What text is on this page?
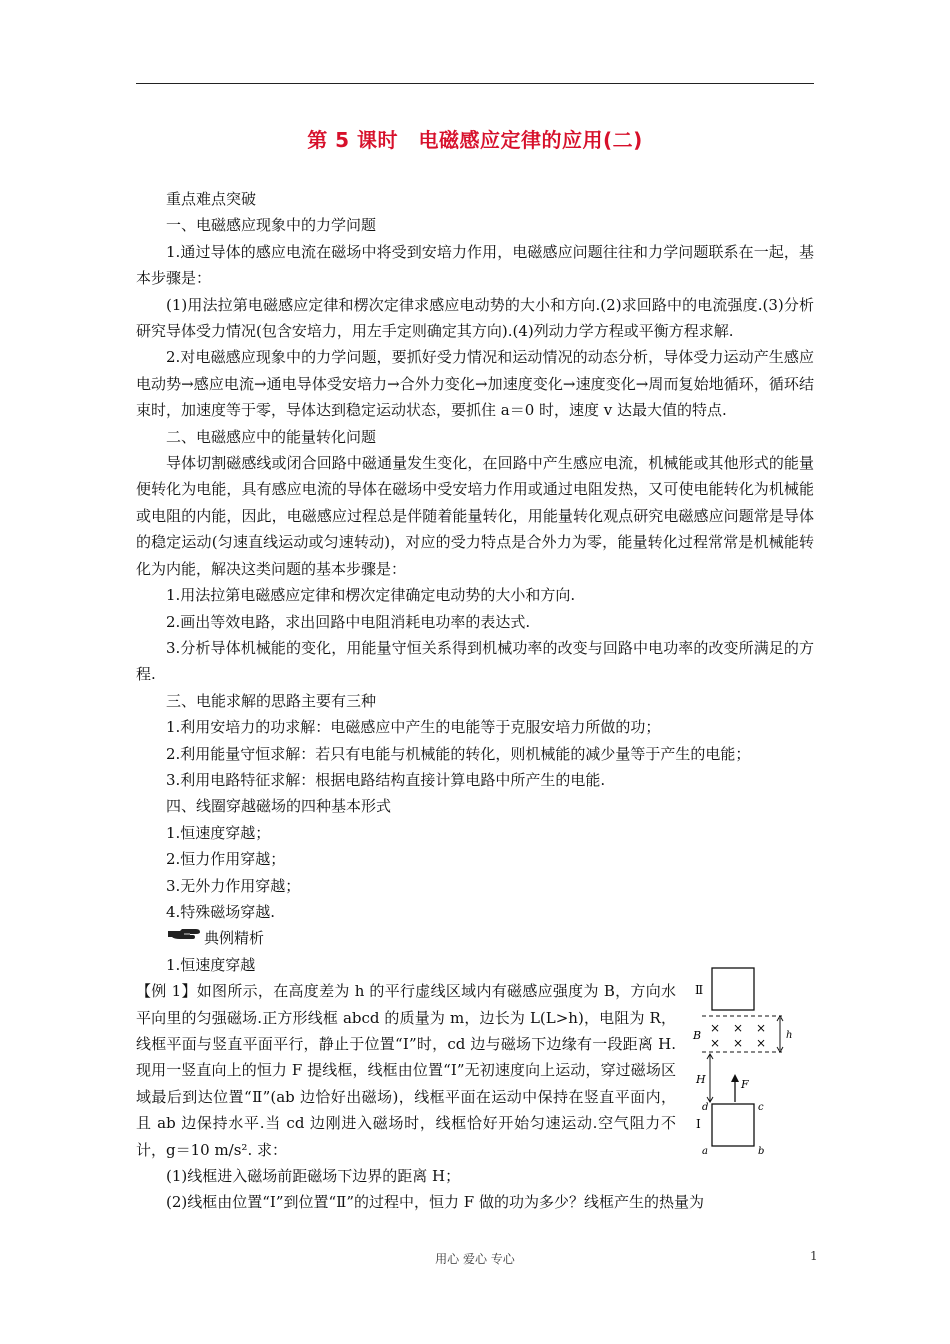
第 5 课时　电磁感应定律的应用(二)

重点难点突破

一、电磁感应现象中的力学问题

1.通过导体的感应电流在磁场中将受到安培力作用，电磁感应问题往往和力学问题联系在一起，基本步骤是：

(1)用法拉第电磁感应定律和楞次定律求感应电动势的大小和方向.(2)求回路中的电流强度.(3)分析研究导体受力情况(包含安培力，用左手定则确定其方向).(4)列动力学方程或平衡方程求解.

2.对电磁感应现象中的力学问题，要抓好受力情况和运动情况的动态分析，导体受力运动产生感应电动势→感应电流→通电导体受安培力→合外力变化→加速度变化→速度变化→周而复始地循环，循环结束时，加速度等于零，导体达到稳定运动状态，要抓住 a＝0 时，速度 v 达最大值的特点.

二、电磁感应中的能量转化问题

导体切割磁感线或闭合回路中磁通量发生变化，在回路中产生感应电流，机械能或其他形式的能量便转化为电能，具有感应电流的导体在磁场中受安培力作用或通过电阻发热，又可使电能转化为机械能或电阻的内能，因此，电磁感应过程总是伴随着能量转化，用能量转化观点研究电磁感应问题常是导体的稳定运动(匀速直线运动或匀速转动)，对应的受力特点是合外力为零，能量转化过程常常是机械能转化为内能，解决这类问题的基本步骤是：

1.用法拉第电磁感应定律和楞次定律确定电动势的大小和方向.

2.画出等效电路，求出回路中电阻消耗电功率的表达式.

3.分析导体机械能的变化，用能量守恒关系得到机械功率的改变与回路中电功率的改变所满足的方程.

三、电能求解的思路主要有三种

1.利用安培力的功求解：电磁感应中产生的电能等于克服安培力所做的功；

2.利用能量守恒求解：若只有电能与机械能的转化，则机械能的减少量等于产生的电能；

3.利用电路特征求解：根据电路结构直接计算电路中所产生的电能.

四、线圈穿越磁场的四种基本形式

1.恒速度穿越；

2.恒力作用穿越；

3.无外力作用穿越；

4.特殊磁场穿越.

典例精析

1.恒速度穿越

【例 1】如图所示，在高度差为 h 的平行虚线区域内有磁感应强度为 B，方向水平向里的匀强磁场.正方形线框 abcd 的质量为 m，边长为 L(L>h)，电阻为 R，线框平面与竖直平面平行，静止于位置“Ⅰ”时，cd 边与磁场下边缘有一段距离 H.现用一竖直向上的恒力 F 提线框，线框由位置“Ⅰ”无初速度向上运动，穿过磁场区域最后到达位置“Ⅱ”(ab 边恰好出磁场)，线框平面在运动中保持在竖直平面内，且 ab 边保持水平.当 cd 边刚进入磁场时，线框恰好开始匀速运动.空气阻力不计，g＝10 m/s². 求：

Ⅱ
B
× × ×
× × ×
h
H	F
Ⅰ
d	c
a	b

(1)线框进入磁场前距磁场下边界的距离 H；

(2)线框由位置“Ⅰ”到位置“Ⅱ”的过程中，恒力 F 做的功为多少？线框产生的热量为

用心 爱心 专心	1
